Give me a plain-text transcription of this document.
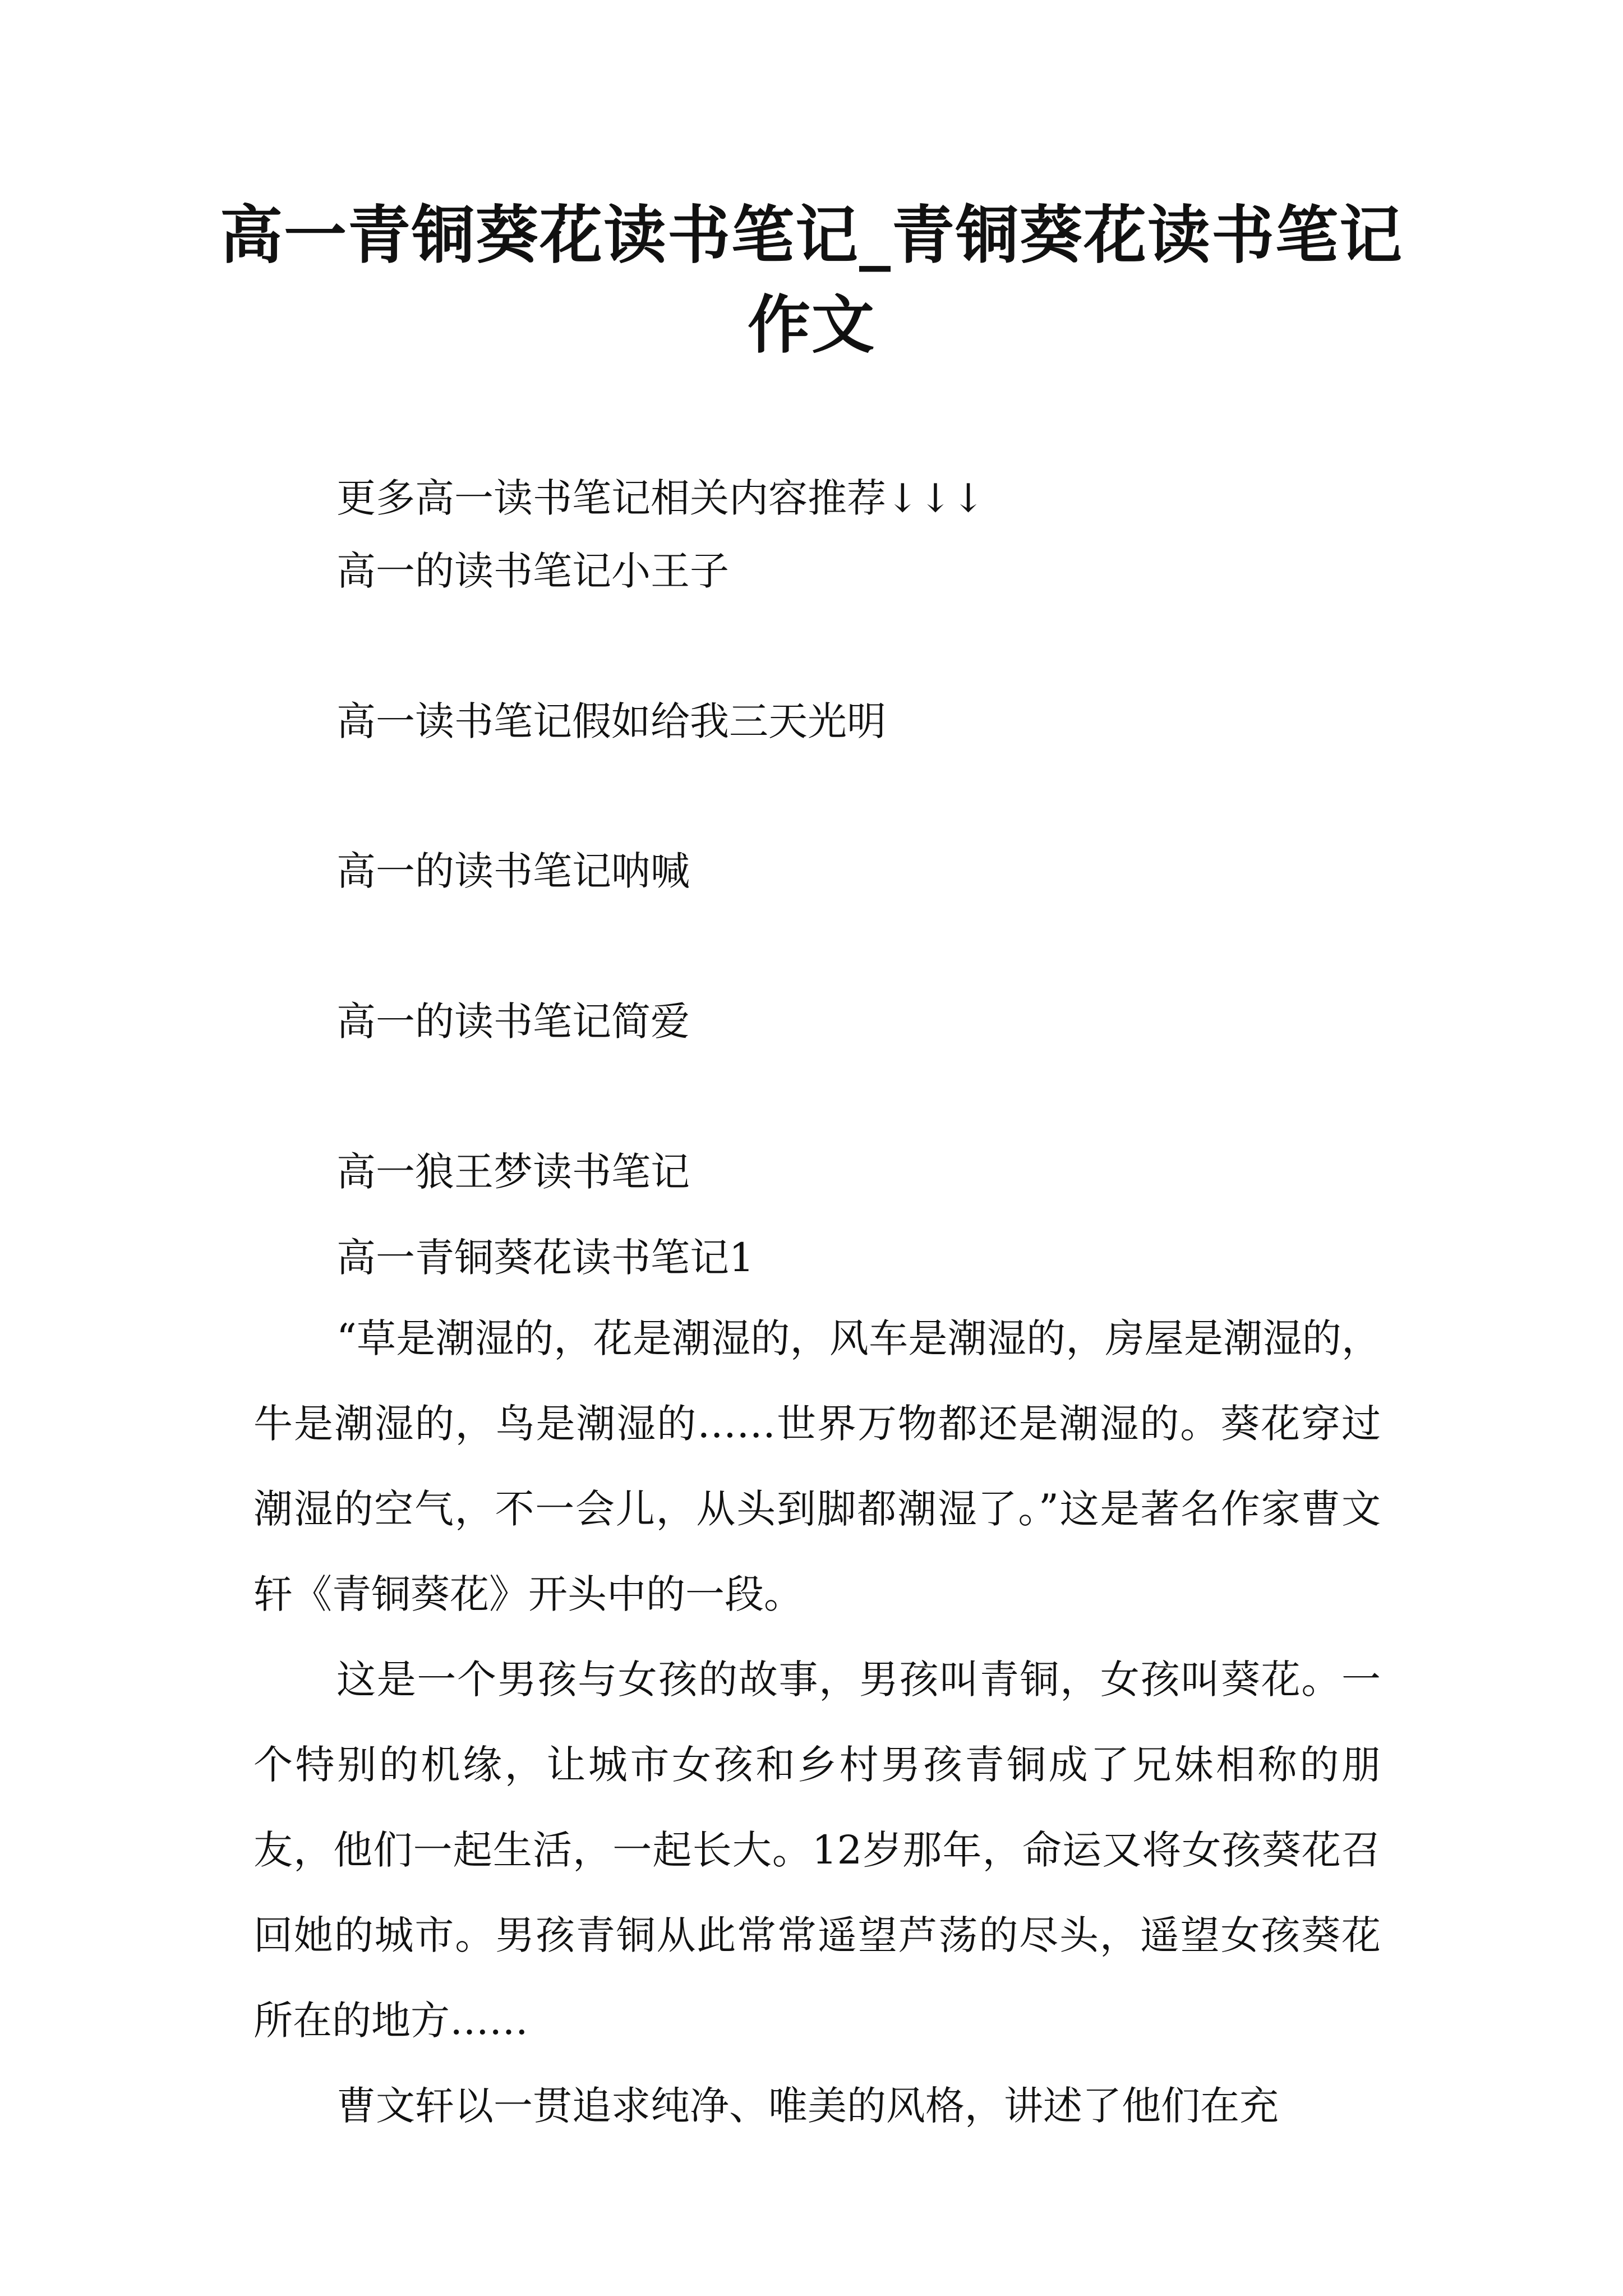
高一青铜葵花读书笔记_青铜葵花读书笔记
作文

更多高一读书笔记相关内容推荐↓↓↓

高一的读书笔记小王子

高一读书笔记假如给我三天光明

高一的读书笔记呐喊

高一的读书笔记简爱

高一狼王梦读书笔记

高一青铜葵花读书笔记1

“草是潮湿的，花是潮湿的，风车是潮湿的，房屋是潮湿的，牛是潮湿的，鸟是潮湿的……世界万物都还是潮湿的。葵花穿过潮湿的空气，不一会儿，从头到脚都潮湿了。”这是著名作家曹文轩《青铜葵花》开头中的一段。

这是一个男孩与女孩的故事，男孩叫青铜，女孩叫葵花。一个特别的机缘，让城市女孩和乡村男孩青铜成了兄妹相称的朋友，他们一起生活，一起长大。12岁那年，命运又将女孩葵花召回她的城市。男孩青铜从此常常遥望芦荡的尽头，遥望女孩葵花所在的地方……

曹文轩以一贯追求纯净、唯美的风格，讲述了他们在充
